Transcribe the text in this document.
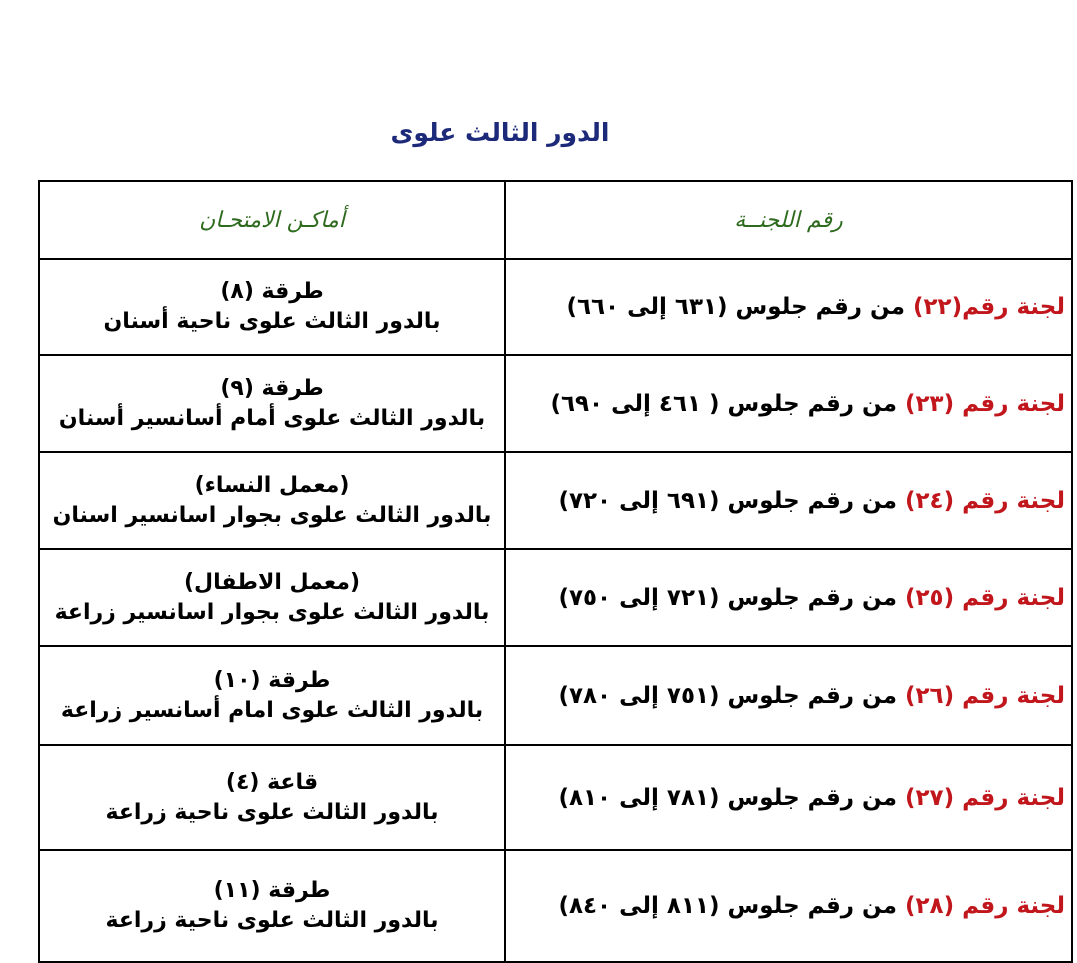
الدور الثالث علوى
رقم اللجنــة	أماكـن الامتحـان
لجنة رقم(٢٢) من رقم جلوس (٦٣١ إلى ٦٦٠)	طرقة (٨)
بالدور الثالث علوى ناحية أسنان

لجنة رقم (٢٣) من رقم جلوس ( ٤٦١ إلى ٦٩٠)	طرقة (٩)
بالدور الثالث علوى أمام أسانسير أسنان

لجنة رقم (٢٤) من رقم جلوس (٦٩١ إلى ٧٢٠)	(معمل النساء)
بالدور الثالث علوى بجوار اسانسير اسنان

لجنة رقم (٢٥) من رقم جلوس (٧٢١ إلى ٧٥٠)	(معمل الاطفال)
بالدور الثالث علوى بجوار اسانسير زراعة

لجنة رقم (٢٦) من رقم جلوس (٧٥١ إلى ٧٨٠)	طرقة (١٠)
بالدور الثالث علوى امام أسانسير زراعة

لجنة رقم (٢٧) من رقم جلوس (٧٨١ إلى ٨١٠)	قاعة (٤)
بالدور الثالث علوى ناحية زراعة

لجنة رقم (٢٨) من رقم جلوس (٨١١ إلى ٨٤٠)	طرقة (١١)
بالدور الثالث علوى ناحية زراعة
